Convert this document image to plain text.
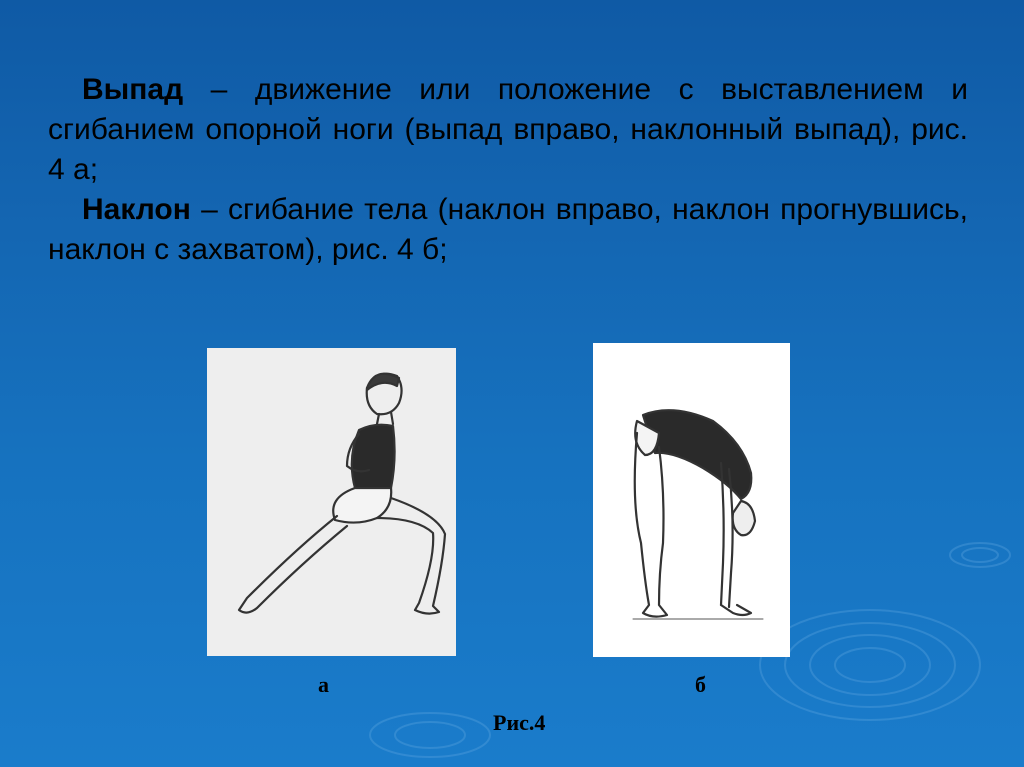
Выпад – движение или положение с выставлением и сгибанием опорной ноги (выпад вправо, наклонный выпад), рис. 4 а;

Наклон – сгибание тела (наклон вправо, наклон прогнувшись, наклон с захватом), рис. 4 б;

а	б
Рис.4
